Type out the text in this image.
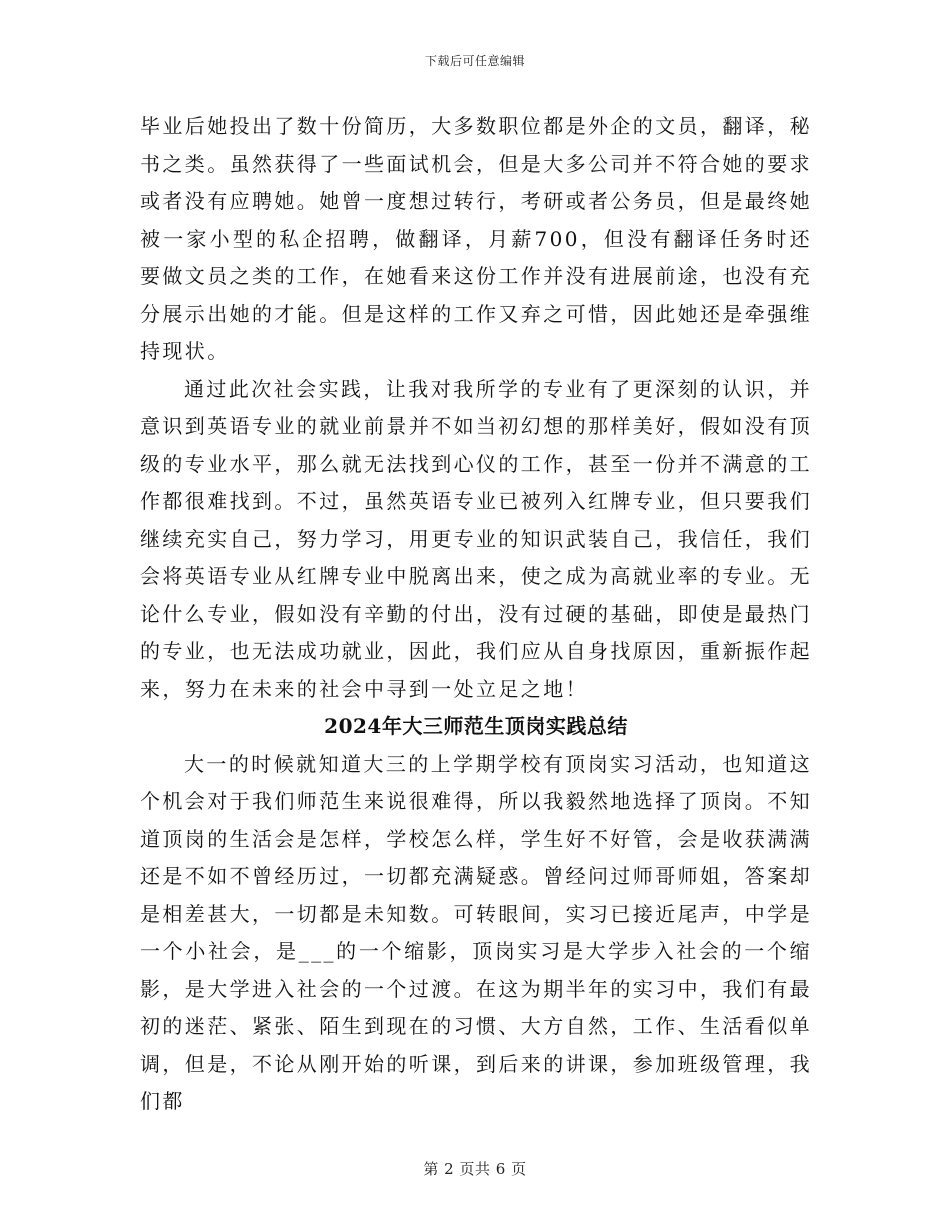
下载后可任意编辑

毕业后她投出了数十份简历，大多数职位都是外企的文员，翻译，秘书之类。虽然获得了一些面试机会，但是大多公司并不符合她的要求或者没有应聘她。她曾一度想过转行，考研或者公务员，但是最终她被一家小型的私企招聘，做翻译，月薪700，但没有翻译任务时还要做文员之类的工作，在她看来这份工作并没有进展前途，也没有充分展示出她的才能。但是这样的工作又弃之可惜，因此她还是牵强维持现状。

通过此次社会实践，让我对我所学的专业有了更深刻的认识，并意识到英语专业的就业前景并不如当初幻想的那样美好，假如没有顶级的专业水平，那么就无法找到心仪的工作，甚至一份并不满意的工作都很难找到。不过，虽然英语专业已被列入红牌专业，但只要我们继续充实自己，努力学习，用更专业的知识武装自己，我信任，我们会将英语专业从红牌专业中脱离出来，使之成为高就业率的专业。无论什么专业，假如没有辛勤的付出，没有过硬的基础，即使是最热门的专业，也无法成功就业，因此，我们应从自身找原因，重新振作起来，努力在未来的社会中寻到一处立足之地！

2024年大三师范生顶岗实践总结

大一的时候就知道大三的上学期学校有顶岗实习活动，也知道这个机会对于我们师范生来说很难得，所以我毅然地选择了顶岗。不知道顶岗的生活会是怎样，学校怎么样，学生好不好管，会是收获满满还是不如不曾经历过，一切都充满疑惑。曾经问过师哥师姐，答案却是相差甚大，一切都是未知数。可转眼间，实习已接近尾声，中学是一个小社会，是___的一个缩影，顶岗实习是大学步入社会的一个缩影，是大学进入社会的一个过渡。在这为期半年的实习中，我们有最初的迷茫、紧张、陌生到现在的习惯、大方自然，工作、生活看似单调，但是，不论从刚开始的听课，到后来的讲课，参加班级管理，我们都

第 2 页共 6 页
